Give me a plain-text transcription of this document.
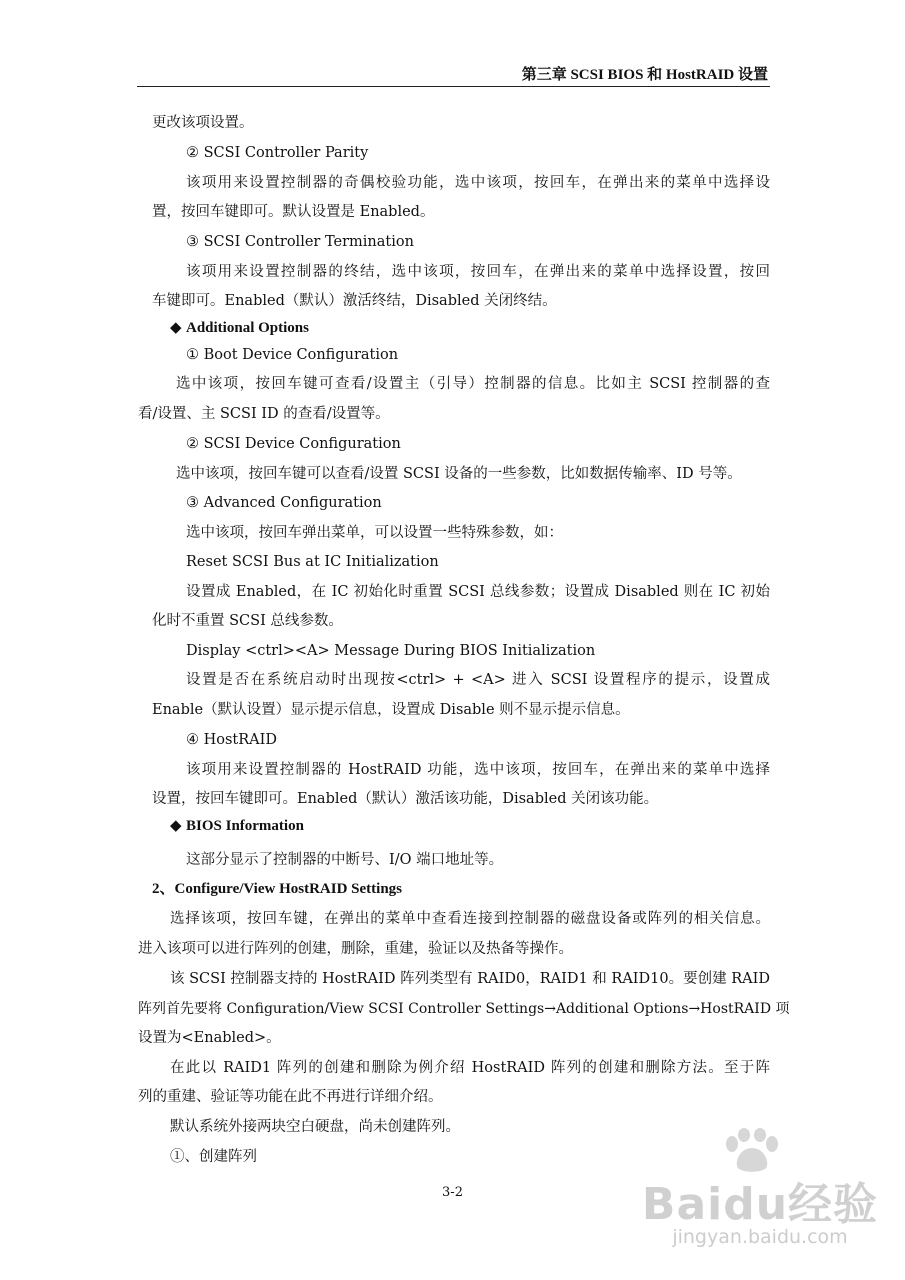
第三章 SCSI BIOS 和 HostRAID 设置
更改该项设置。
② SCSI Controller Parity
该项用来设置控制器的奇偶校验功能，选中该项，按回车，在弹出来的菜单中选择设
置，按回车键即可。默认设置是 Enabled。
③ SCSI Controller Termination
该项用来设置控制器的终结，选中该项，按回车，在弹出来的菜单中选择设置，按回
车键即可。Enabled（默认）激活终结，Disabled 关闭终结。
◆ Additional Options
① Boot Device Configuration
选中该项，按回车键可查看/设置主（引导）控制器的信息。比如主 SCSI 控制器的查
看/设置、主 SCSI ID 的查看/设置等。
② SCSI Device Configuration
选中该项，按回车键可以查看/设置 SCSI 设备的一些参数，比如数据传输率、ID 号等。
③ Advanced Configuration
选中该项，按回车弹出菜单，可以设置一些特殊参数，如：
Reset SCSI Bus at IC Initialization
设置成 Enabled，在 IC 初始化时重置 SCSI 总线参数；设置成 Disabled 则在 IC 初始
化时不重置 SCSI 总线参数。
Display <ctrl><A> Message During BIOS Initialization
设置是否在系统启动时出现按<ctrl> + <A> 进入 SCSI 设置程序的提示，设置成
Enable（默认设置）显示提示信息，设置成 Disable 则不显示提示信息。
④ HostRAID
该项用来设置控制器的 HostRAID 功能，选中该项，按回车，在弹出来的菜单中选择
设置，按回车键即可。Enabled（默认）激活该功能，Disabled 关闭该功能。
◆ BIOS Information
这部分显示了控制器的中断号、I/O 端口地址等。
2、Configure/View HostRAID Settings
选择该项，按回车键，在弹出的菜单中查看连接到控制器的磁盘设备或阵列的相关信息。
进入该项可以进行阵列的创建，删除，重建，验证以及热备等操作。
该 SCSI 控制器支持的 HostRAID 阵列类型有 RAID0，RAID1 和 RAID10。要创建 RAID
阵列首先要将 Configuration/View SCSI Controller Settings→Additional Options→HostRAID 项
设置为<Enabled>。
在此以 RAID1 阵列的创建和删除为例介绍 HostRAID 阵列的创建和删除方法。至于阵
列的重建、验证等功能在此不再进行详细介绍。
默认系统外接两块空白硬盘，尚未创建阵列。
①、创建阵列
3-2	Baidu经验
jingyan.baidu.com
